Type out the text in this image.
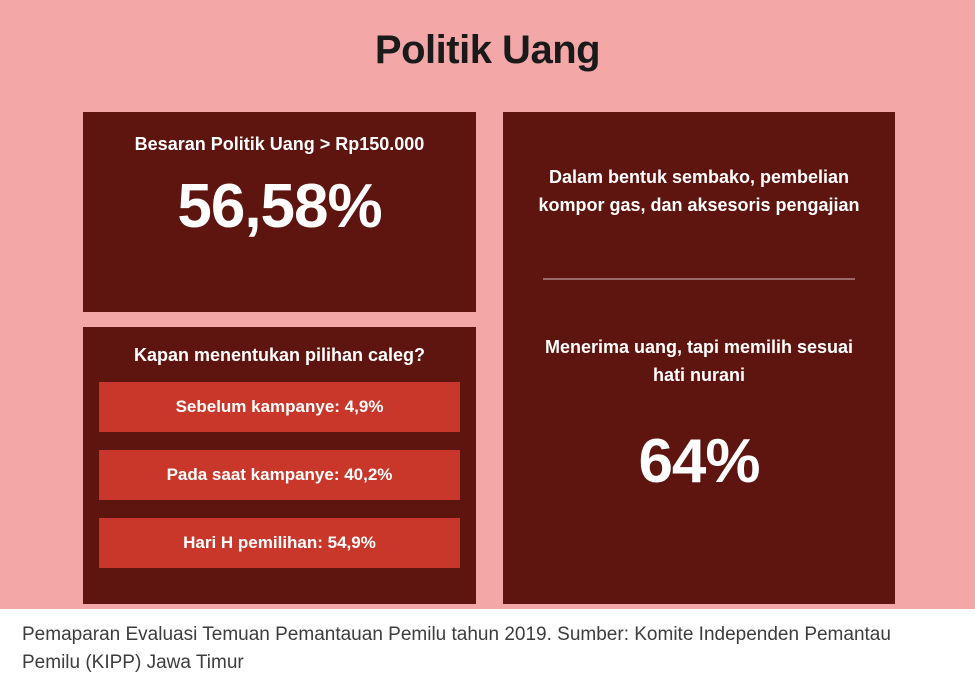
Politik Uang
Besaran Politik Uang > Rp150.000
56,58%
Kapan menentukan pilihan caleg?
Sebelum kampanye: 4,9%
Pada saat kampanye: 40,2%
Hari H pemilihan: 54,9%
Dalam bentuk sembako, pembelian kompor gas, dan aksesoris pengajian
Menerima uang, tapi memilih sesuai hati nurani
64%
Pemaparan Evaluasi Temuan Pemantauan Pemilu tahun 2019. Sumber: Komite Independen Pemantau Pemilu (KIPP) Jawa Timur
